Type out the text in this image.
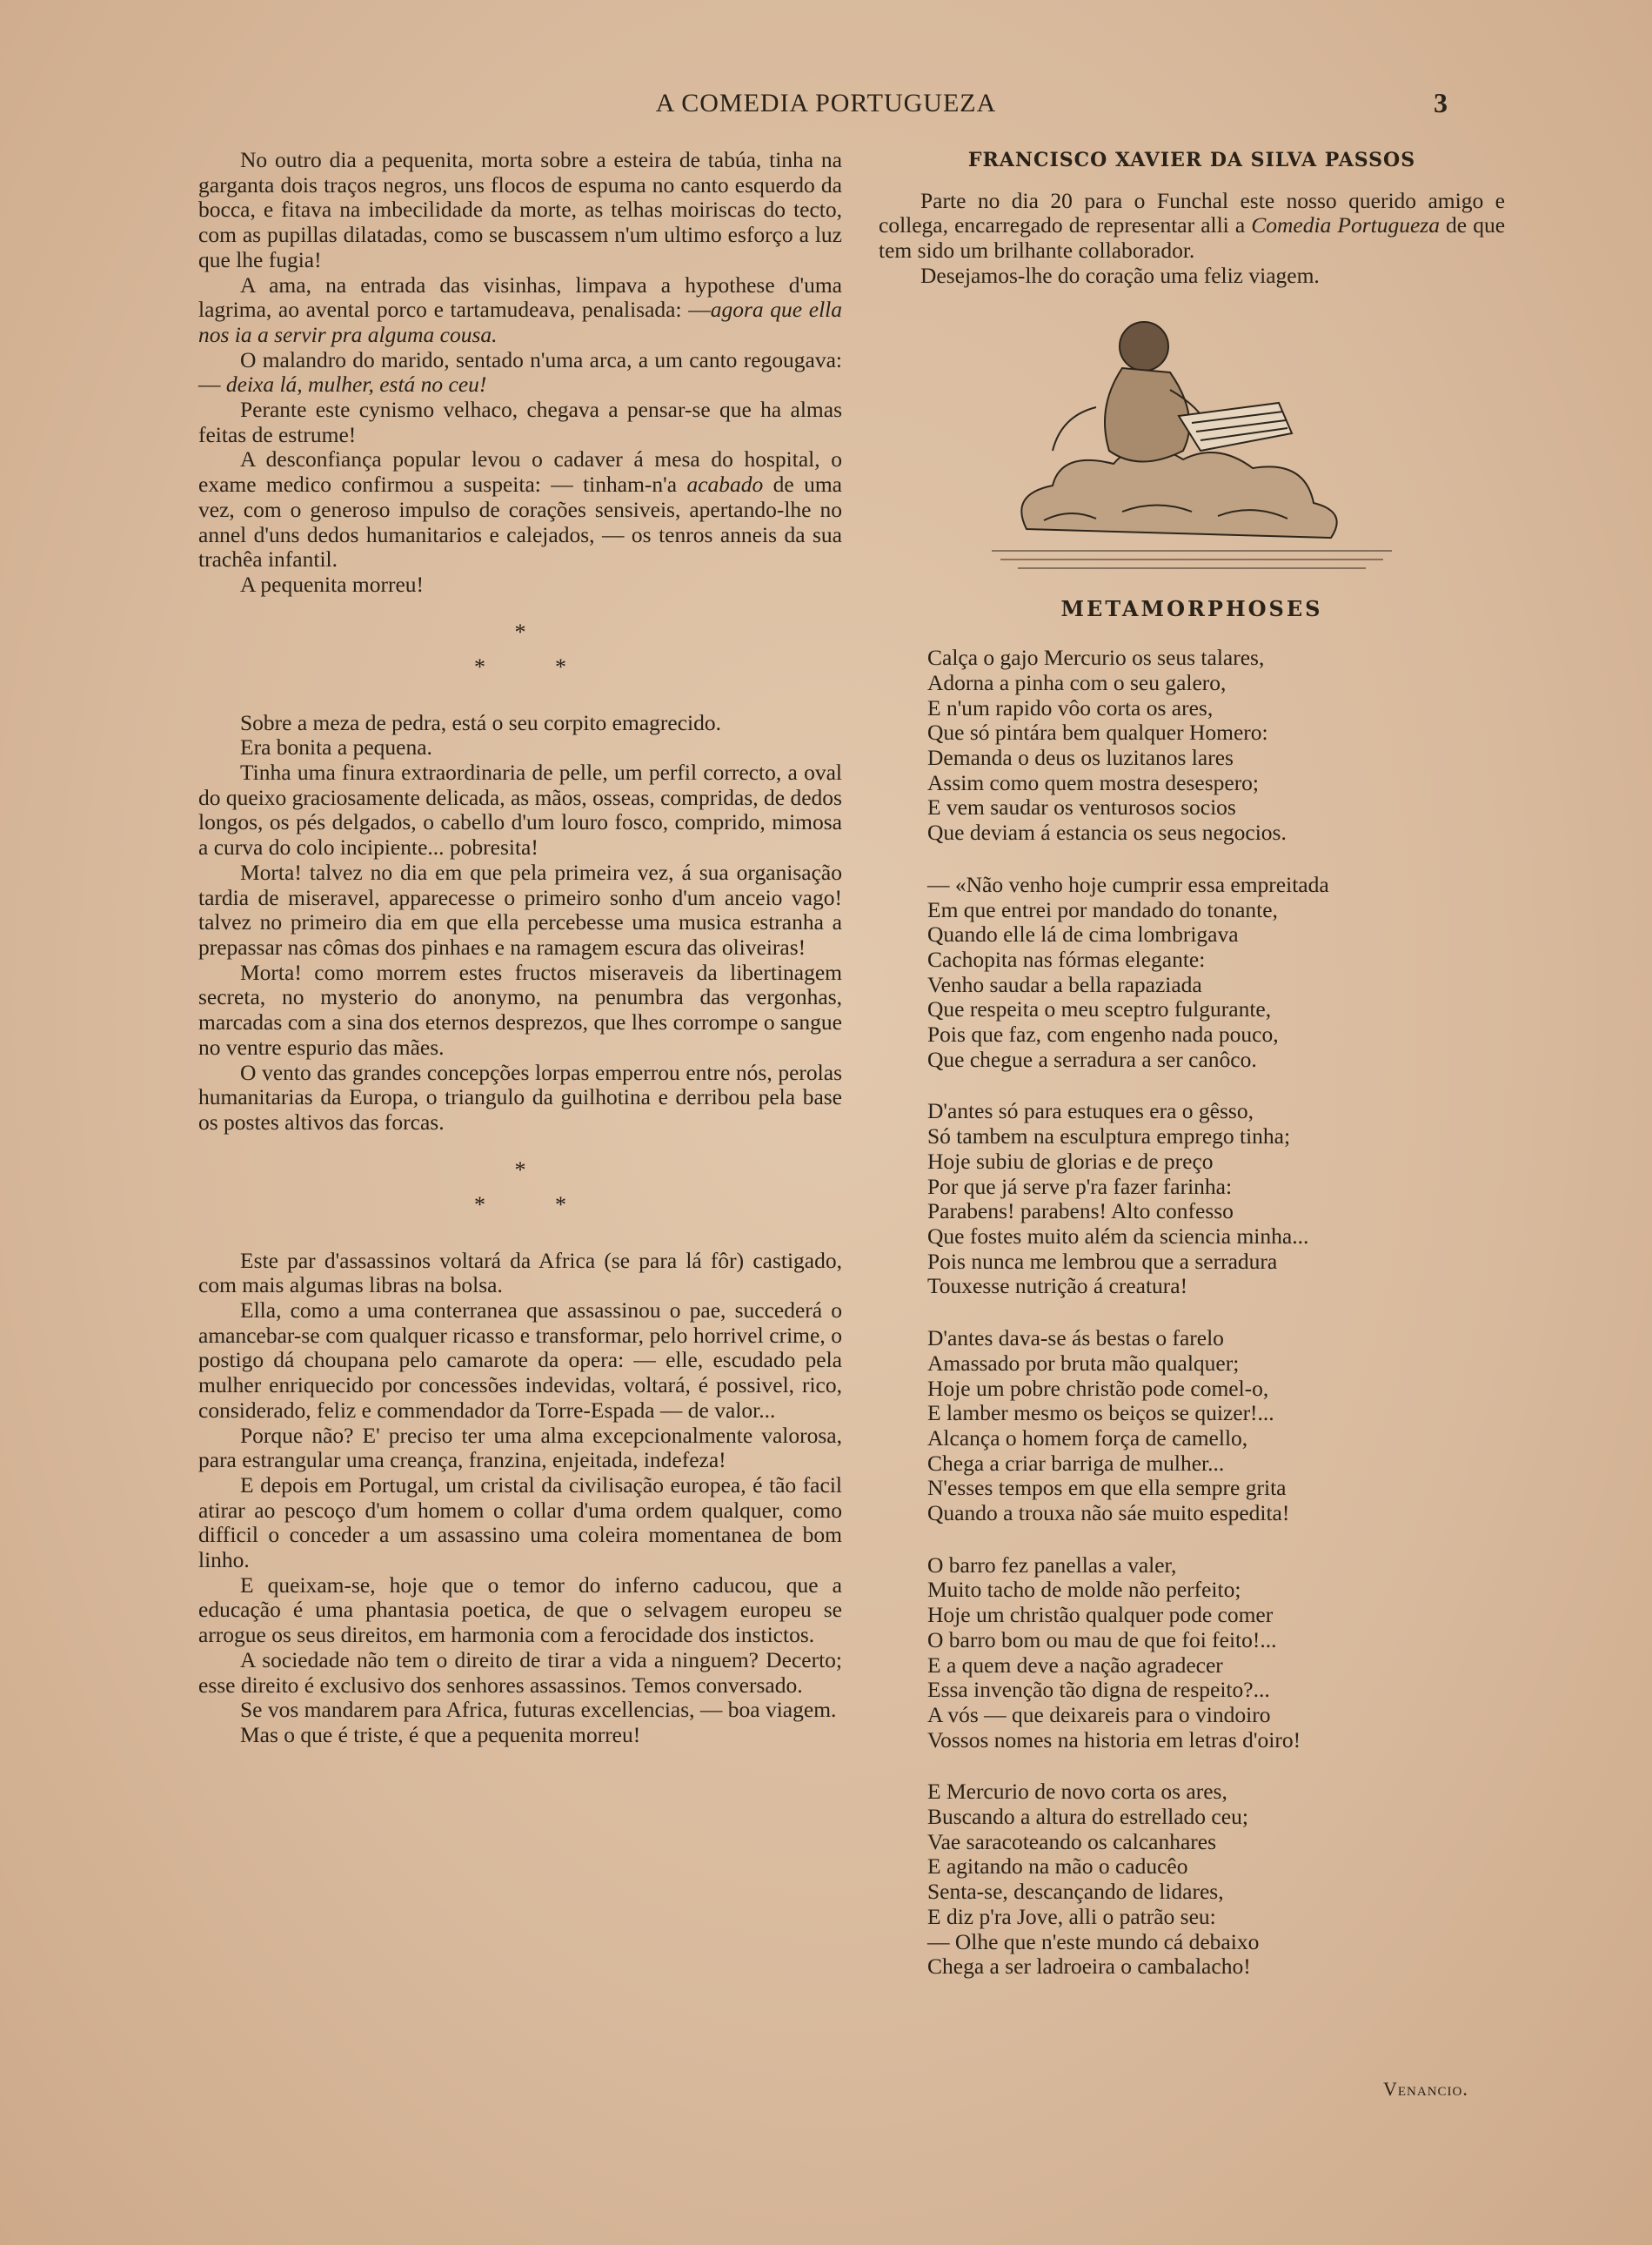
A COMEDIA PORTUGUEZA	3

No outro dia a pequenita, morta sobre a esteira de tabúa, tinha na garganta dois traços negros, uns flocos de espuma no canto esquerdo da bocca, e fitava na imbecilidade da morte, as telhas moiriscas do tecto, com as pupillas dilatadas, como se buscassem n'um ultimo esforço a luz que lhe fugia!

A ama, na entrada das visinhas, limpava a hypothese d'uma lagrima, ao avental porco e tartamudeava, penalisada: —agora que ella nos ia a servir pra alguma cousa.

O malandro do marido, sentado n'uma arca, a um canto regougava: — deixa lá, mulher, está no ceu!

Perante este cynismo velhaco, chegava a pensar-se que ha almas feitas de estrume!

A desconfiança popular levou o cadaver á mesa do hospital, o exame medico confirmou a suspeita: — tinham-n'a acabado de uma vez, com o generoso impulso de corações sensiveis, apertando-lhe no annel d'uns dedos humanitarios e calejados, — os tenros anneis da sua trachêa infantil.

A pequenita morreu!

*
*	*

Sobre a meza de pedra, está o seu corpito emagrecido.

Era bonita a pequena.

Tinha uma finura extraordinaria de pelle, um perfil correcto, a oval do queixo graciosamente delicada, as mãos, osseas, compridas, de dedos longos, os pés delgados, o cabello d'um louro fosco, comprido, mimosa a curva do colo incipiente... pobresita!

Morta! talvez no dia em que pela primeira vez, á sua organisação tardia de miseravel, apparecesse o primeiro sonho d'um anceio vago! talvez no primeiro dia em que ella percebesse uma musica estranha a prepassar nas cômas dos pinhaes e na ramagem escura das oliveiras!

Morta! como morrem estes fructos miseraveis da libertinagem secreta, no mysterio do anonymo, na penumbra das vergonhas, marcadas com a sina dos eternos desprezos, que lhes corrompe o sangue no ventre espurio das mães.

O vento das grandes concepções lorpas emperrou entre nós, perolas humanitarias da Europa, o triangulo da guilhotina e derribou pela base os postes altivos das forcas.

*
*	*

Este par d'assassinos voltará da Africa (se para lá fôr) castigado, com mais algumas libras na bolsa.

Ella, como a uma conterranea que assassinou o pae, succederá o amancebar-se com qualquer ricasso e transformar, pelo horrivel crime, o postigo dá choupana pelo camarote da opera: — elle, escudado pela mulher enriquecido por concessões indevidas, voltará, é possivel, rico, considerado, feliz e commendador da Torre-Espada — de valor...

Porque não? E' preciso ter uma alma excepcionalmente valorosa, para estrangular uma creança, franzina, enjeitada, indefeza!

E depois em Portugal, um cristal da civilisação europea, é tão facil atirar ao pescoço d'um homem o collar d'uma ordem qualquer, como difficil o conceder a um assassino uma coleira momentanea de bom linho.

E queixam-se, hoje que o temor do inferno caducou, que a educação é uma phantasia poetica, de que o selvagem europeu se arrogue os seus direitos, em harmonia com a ferocidade dos instictos.

A sociedade não tem o direito de tirar a vida a ninguem? Decerto; esse direito é exclusivo dos senhores assassinos. Temos conversado.

Se vos mandarem para Africa, futuras excellencias, — boa viagem.

Mas o que é triste, é que a pequenita morreu!

FRANCISCO XAVIER DA SILVA PASSOS

Parte no dia 20 para o Funchal este nosso querido amigo e collega, encarregado de representar alli a Comedia Portugueza de que tem sido um brilhante collaborador.

Desejamos-lhe do coração uma feliz viagem.

METAMORPHOSES
Calça o gajo Mercurio os seus talares,
Adorna a pinha com o seu galero,
E n'um rapido vôo corta os ares,
Que só pintára bem qualquer Homero:
Demanda o deus os luzitanos lares
Assim como quem mostra desespero;
E vem saudar os venturosos socios
Que deviam á estancia os seus negocios.
— «Não venho hoje cumprir essa empreitada
Em que entrei por mandado do tonante,
Quando elle lá de cima lombrigava
Cachopita nas fórmas elegante:
Venho saudar a bella rapaziada
Que respeita o meu sceptro fulgurante,
Pois que faz, com engenho nada pouco,
Que chegue a serradura a ser canôco.
D'antes só para estuques era o gêsso,
Só tambem na esculptura emprego tinha;
Hoje subiu de glorias e de preço
Por que já serve p'ra fazer farinha:
Parabens! parabens! Alto confesso
Que fostes muito além da sciencia minha...
Pois nunca me lembrou que a serradura
Touxesse nutrição á creatura!
D'antes dava-se ás bestas o farelo
Amassado por bruta mão qualquer;
Hoje um pobre christão pode comel-o,
E lamber mesmo os beiços se quizer!...
Alcança o homem força de camello,
Chega a criar barriga de mulher...
N'esses tempos em que ella sempre grita
Quando a trouxa não sáe muito espedita!
O barro fez panellas a valer,
Muito tacho de molde não perfeito;
Hoje um christão qualquer pode comer
O barro bom ou mau de que foi feito!...
E a quem deve a nação agradecer
Essa invenção tão digna de respeito?...
A vós — que deixareis para o vindoiro
Vossos nomes na historia em letras d'oiro!
E Mercurio de novo corta os ares,
Buscando a altura do estrellado ceu;
Vae saracoteando os calcanhares
E agitando na mão o caducêo
Senta-se, descançando de lidares,
E diz p'ra Jove, alli o patrão seu:
— Olhe que n'este mundo cá debaixo
Chega a ser ladroeira o cambalacho!
Venancio.
